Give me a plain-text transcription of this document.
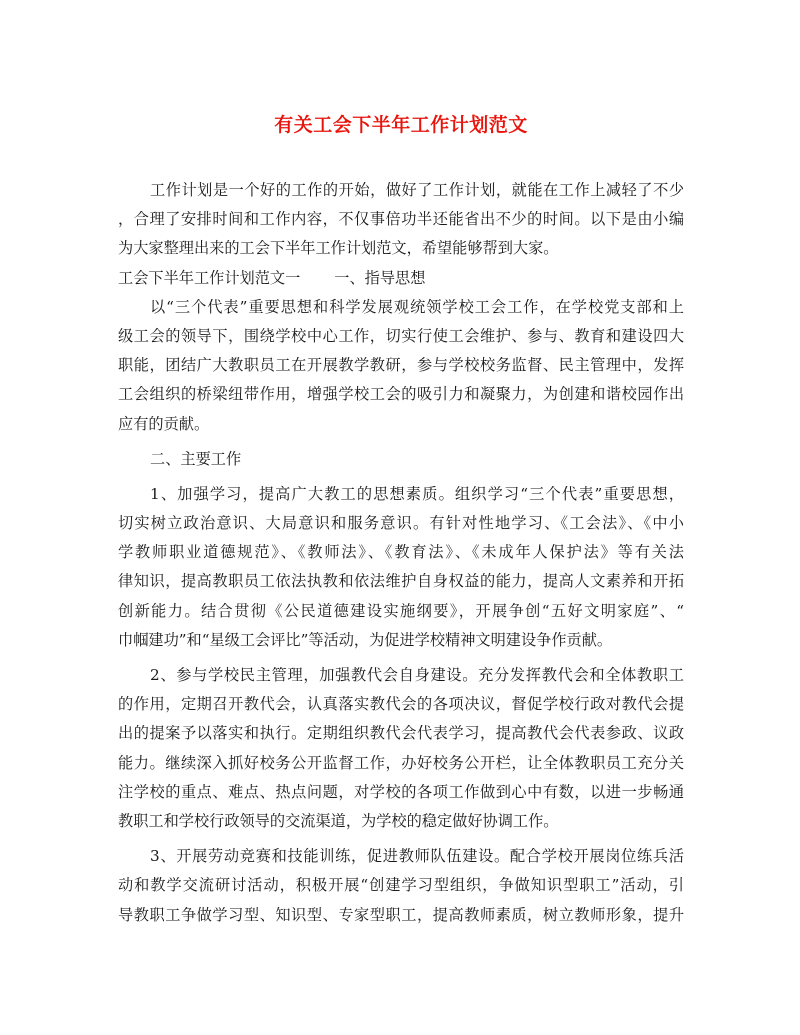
有关工会下半年工作计划范文
工作计划是一个好的工作的开始，做好了工作计划，就能在工作上减轻了不少
，合理了安排时间和工作内容，不仅事倍功半还能省出不少的时间。以下是由小编
为大家整理出来的工会下半年工作计划范文，希望能够帮到大家。
工会下半年工作计划范文一 一、指导思想
以“三个代表”重要思想和科学发展观统领学校工会工作，在学校党支部和上
级工会的领导下，围绕学校中心工作，切实行使工会维护、参与、教育和建设四大
职能，团结广大教职员工在开展教学教研，参与学校校务监督、民主管理中，发挥
工会组织的桥梁纽带作用，增强学校工会的吸引力和凝聚力，为创建和谐校园作出
应有的贡献。
二、主要工作
1、加强学习，提高广大教工的思想素质。组织学习“三个代表”重要思想，
切实树立政治意识、大局意识和服务意识。有针对性地学习、《工会法》、《中小
学教师职业道德规范》、《教师法》、《教育法》、《未成年人保护法》等有关法
律知识，提高教职员工依法执教和依法维护自身权益的能力，提高人文素养和开拓
创新能力。结合贯彻《公民道德建设实施纲要》，开展争创“五好文明家庭”、“
巾帼建功”和“星级工会评比”等活动，为促进学校精神文明建设争作贡献。
2、参与学校民主管理，加强教代会自身建设。充分发挥教代会和全体教职工
的作用，定期召开教代会，认真落实教代会的各项决议，督促学校行政对教代会提
出的提案予以落实和执行。定期组织教代会代表学习，提高教代会代表参政、议政
能力。继续深入抓好校务公开监督工作，办好校务公开栏，让全体教职员工充分关
注学校的重点、难点、热点问题，对学校的各项工作做到心中有数，以进一步畅通
教职工和学校行政领导的交流渠道，为学校的稳定做好协调工作。
3、开展劳动竞赛和技能训练，促进教师队伍建设。配合学校开展岗位练兵活
动和教学交流研讨活动，积极开展“创建学习型组织，争做知识型职工”活动，引
导教职工争做学习型、知识型、专家型职工，提高教师素质，树立教师形象，提升
